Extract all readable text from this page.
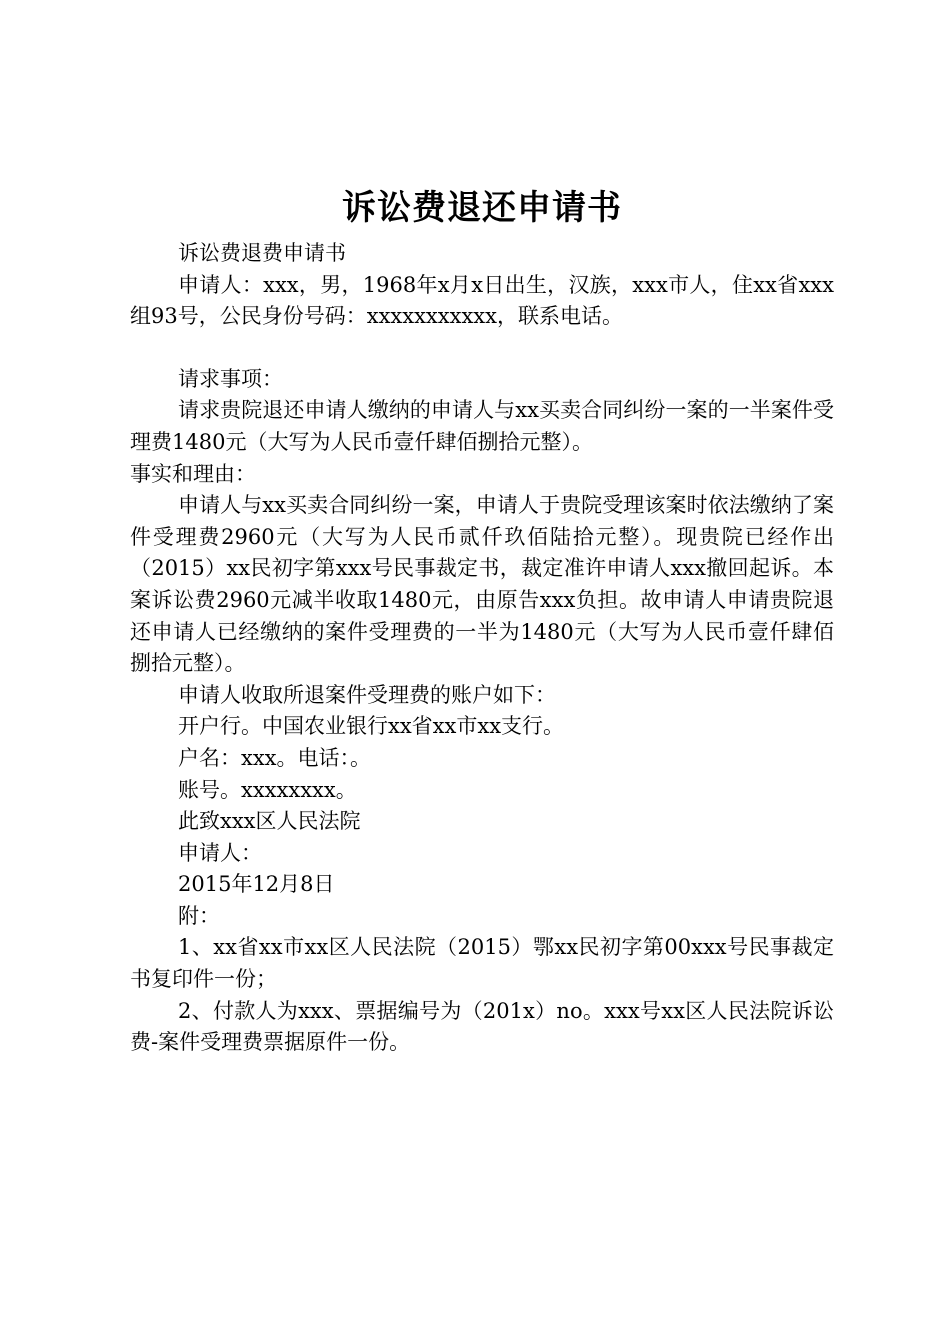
诉讼费退还申请书

诉讼费退费申请书

申请人：xxx，男，1968年x月x日出生，汉族，xxx市人，住xx省xxx组93号，公民身份号码：xxxxxxxxxxx，联系电话。

请求事项：

请求贵院退还申请人缴纳的申请人与xx买卖合同纠纷一案的一半案件受理费1480元（大写为人民币壹仟肆佰捌拾元整）。

事实和理由：

申请人与xx买卖合同纠纷一案，申请人于贵院受理该案时依法缴纳了案件受理费2960元（大写为人民币贰仟玖佰陆拾元整）。现贵院已经作出（2015）xx民初字第xxx号民事裁定书，裁定准许申请人xxx撤回起诉。本案诉讼费2960元减半收取1480元，由原告xxx负担。故申请人申请贵院退还申请人已经缴纳的案件受理费的一半为1480元（大写为人民币壹仟肆佰捌拾元整）。

申请人收取所退案件受理费的账户如下：

开户行。中国农业银行xx省xx市xx支行。

户名：xxx。电话：。

账号。xxxxxxxx。

此致xxx区人民法院

申请人：

2015年12月8日

附：

1、xx省xx市xx区人民法院（2015）鄂xx民初字第00xxx号民事裁定书复印件一份；

2、付款人为xxx、票据编号为（201x）no。xxx号xx区人民法院诉讼费-案件受理费票据原件一份。
